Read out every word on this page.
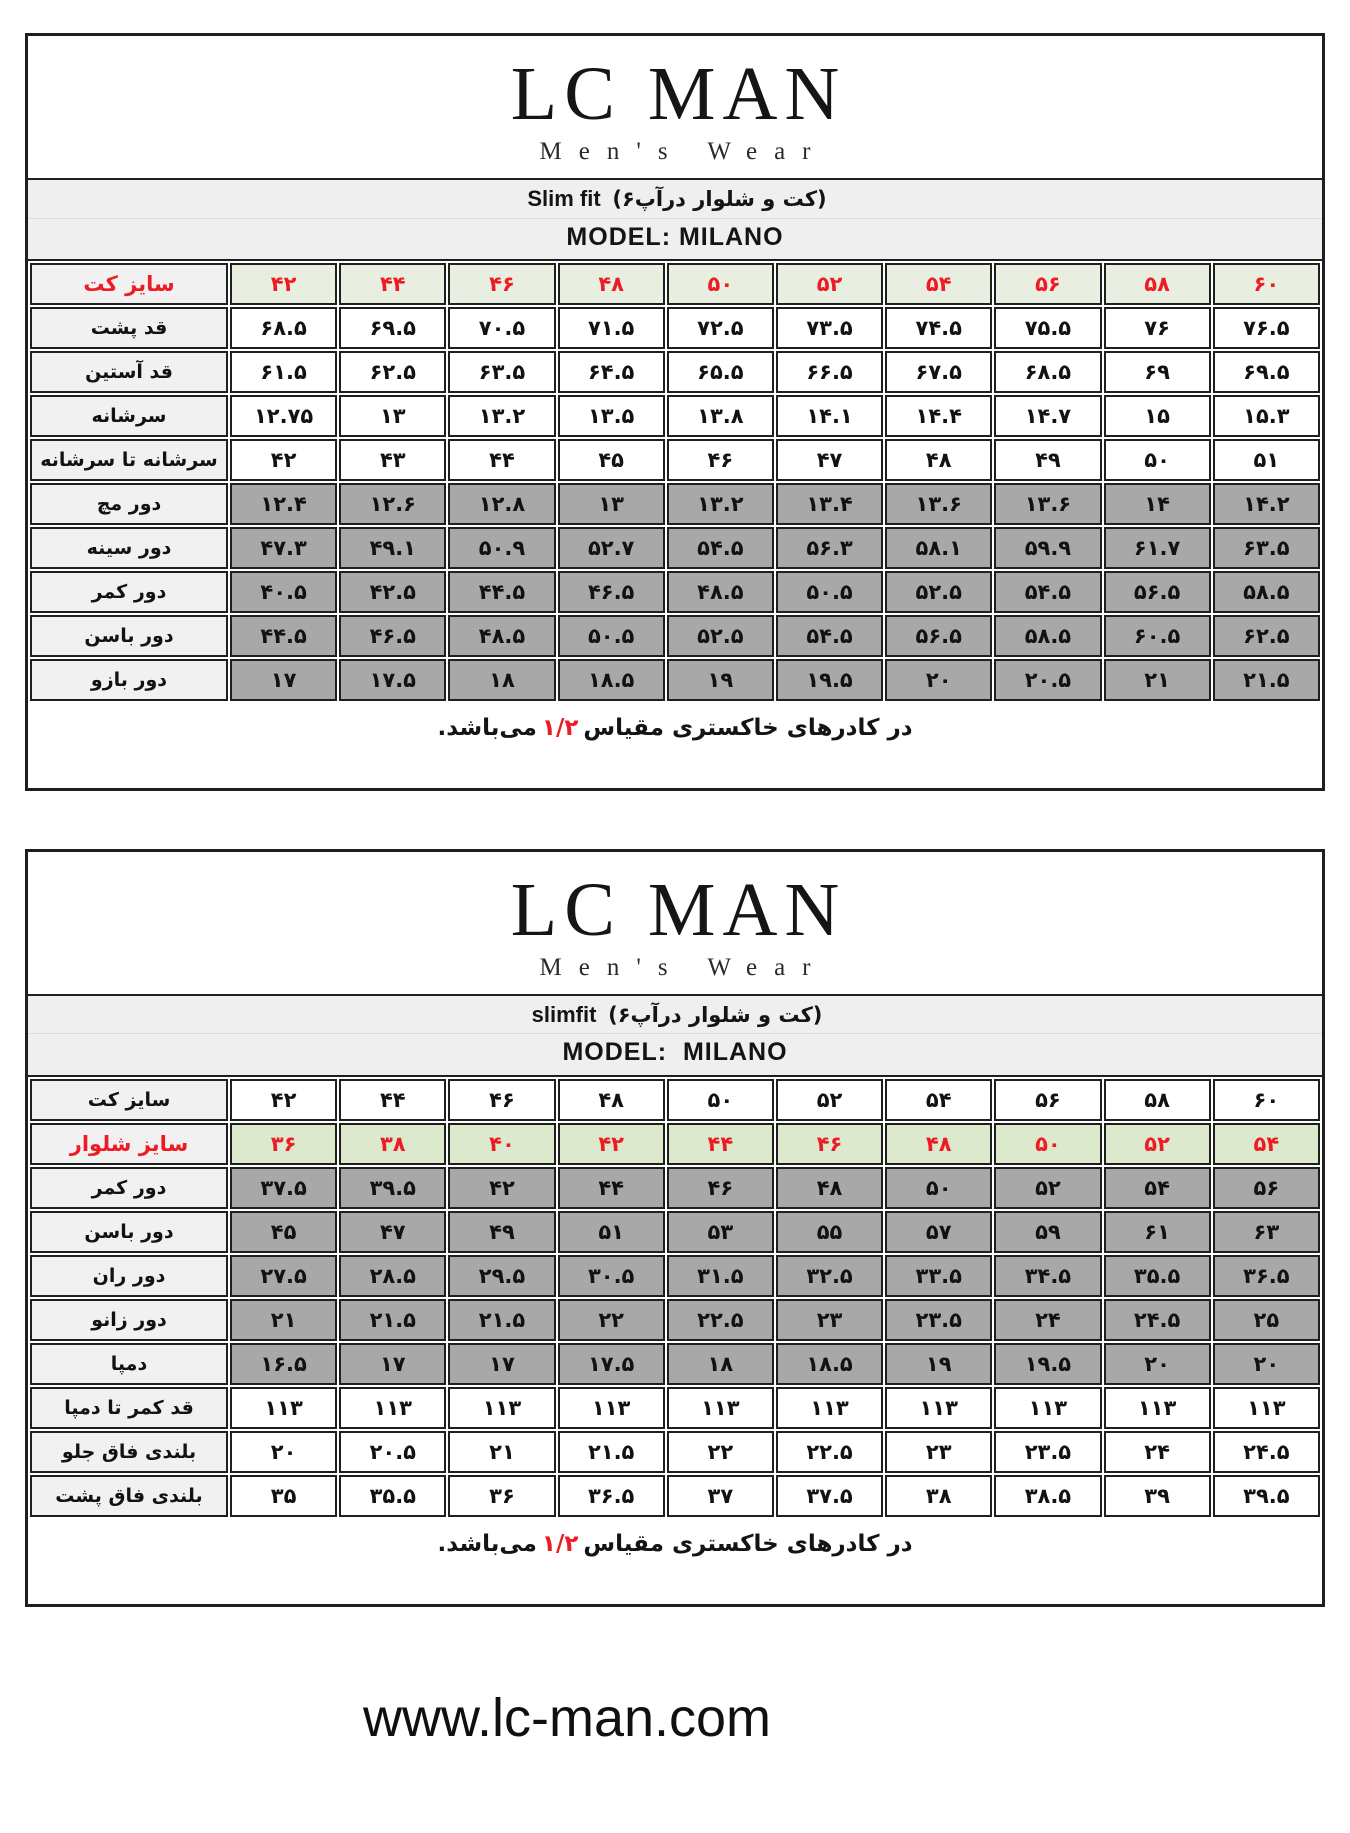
LC MAN
Men's Wear
(کت و شلوار درآپ۶) Slim fit
MODEL: MILANO
سایز کت	۴۲	۴۴	۴۶	۴۸	۵۰	۵۲	۵۴	۵۶	۵۸	۶۰
قد پشت	۶۸.۵	۶۹.۵	۷۰.۵	۷۱.۵	۷۲.۵	۷۳.۵	۷۴.۵	۷۵.۵	۷۶	۷۶.۵
قد آستین	۶۱.۵	۶۲.۵	۶۳.۵	۶۴.۵	۶۵.۵	۶۶.۵	۶۷.۵	۶۸.۵	۶۹	۶۹.۵
سرشانه	۱۲.۷۵	۱۳	۱۳.۲	۱۳.۵	۱۳.۸	۱۴.۱	۱۴.۴	۱۴.۷	۱۵	۱۵.۳
سرشانه تا سرشانه	۴۲	۴۳	۴۴	۴۵	۴۶	۴۷	۴۸	۴۹	۵۰	۵۱
دور مچ	۱۲.۴	۱۲.۶	۱۲.۸	۱۳	۱۳.۲	۱۳.۴	۱۳.۶	۱۳.۶	۱۴	۱۴.۲
دور سینه	۴۷.۳	۴۹.۱	۵۰.۹	۵۲.۷	۵۴.۵	۵۶.۳	۵۸.۱	۵۹.۹	۶۱.۷	۶۳.۵
دور کمر	۴۰.۵	۴۲.۵	۴۴.۵	۴۶.۵	۴۸.۵	۵۰.۵	۵۲.۵	۵۴.۵	۵۶.۵	۵۸.۵
دور باسن	۴۴.۵	۴۶.۵	۴۸.۵	۵۰.۵	۵۲.۵	۵۴.۵	۵۶.۵	۵۸.۵	۶۰.۵	۶۲.۵
دور بازو	۱۷	۱۷.۵	۱۸	۱۸.۵	۱۹	۱۹.۵	۲۰	۲۰.۵	۲۱	۲۱.۵
در کادرهای خاکستری مقیاس۱/۲می‌باشد.
LC MAN
Men's Wear
(کت و شلوار درآپ۶) slimfit
MODEL:  MILANO
سایز کت	۴۲	۴۴	۴۶	۴۸	۵۰	۵۲	۵۴	۵۶	۵۸	۶۰
سایز شلوار	۳۶	۳۸	۴۰	۴۲	۴۴	۴۶	۴۸	۵۰	۵۲	۵۴
دور کمر	۳۷.۵	۳۹.۵	۴۲	۴۴	۴۶	۴۸	۵۰	۵۲	۵۴	۵۶
دور باسن	۴۵	۴۷	۴۹	۵۱	۵۳	۵۵	۵۷	۵۹	۶۱	۶۳
دور ران	۲۷.۵	۲۸.۵	۲۹.۵	۳۰.۵	۳۱.۵	۳۲.۵	۳۳.۵	۳۴.۵	۳۵.۵	۳۶.۵
دور زانو	۲۱	۲۱.۵	۲۱.۵	۲۲	۲۲.۵	۲۳	۲۳.۵	۲۴	۲۴.۵	۲۵
دمپا	۱۶.۵	۱۷	۱۷	۱۷.۵	۱۸	۱۸.۵	۱۹	۱۹.۵	۲۰	۲۰
قد کمر تا دمپا	۱۱۳	۱۱۳	۱۱۳	۱۱۳	۱۱۳	۱۱۳	۱۱۳	۱۱۳	۱۱۳	۱۱۳
بلندی فاق جلو	۲۰	۲۰.۵	۲۱	۲۱.۵	۲۲	۲۲.۵	۲۳	۲۳.۵	۲۴	۲۴.۵
بلندی فاق پشت	۳۵	۳۵.۵	۳۶	۳۶.۵	۳۷	۳۷.۵	۳۸	۳۸.۵	۳۹	۳۹.۵
در کادرهای خاکستری مقیاس۱/۲می‌باشد.
www.lc-man.com
